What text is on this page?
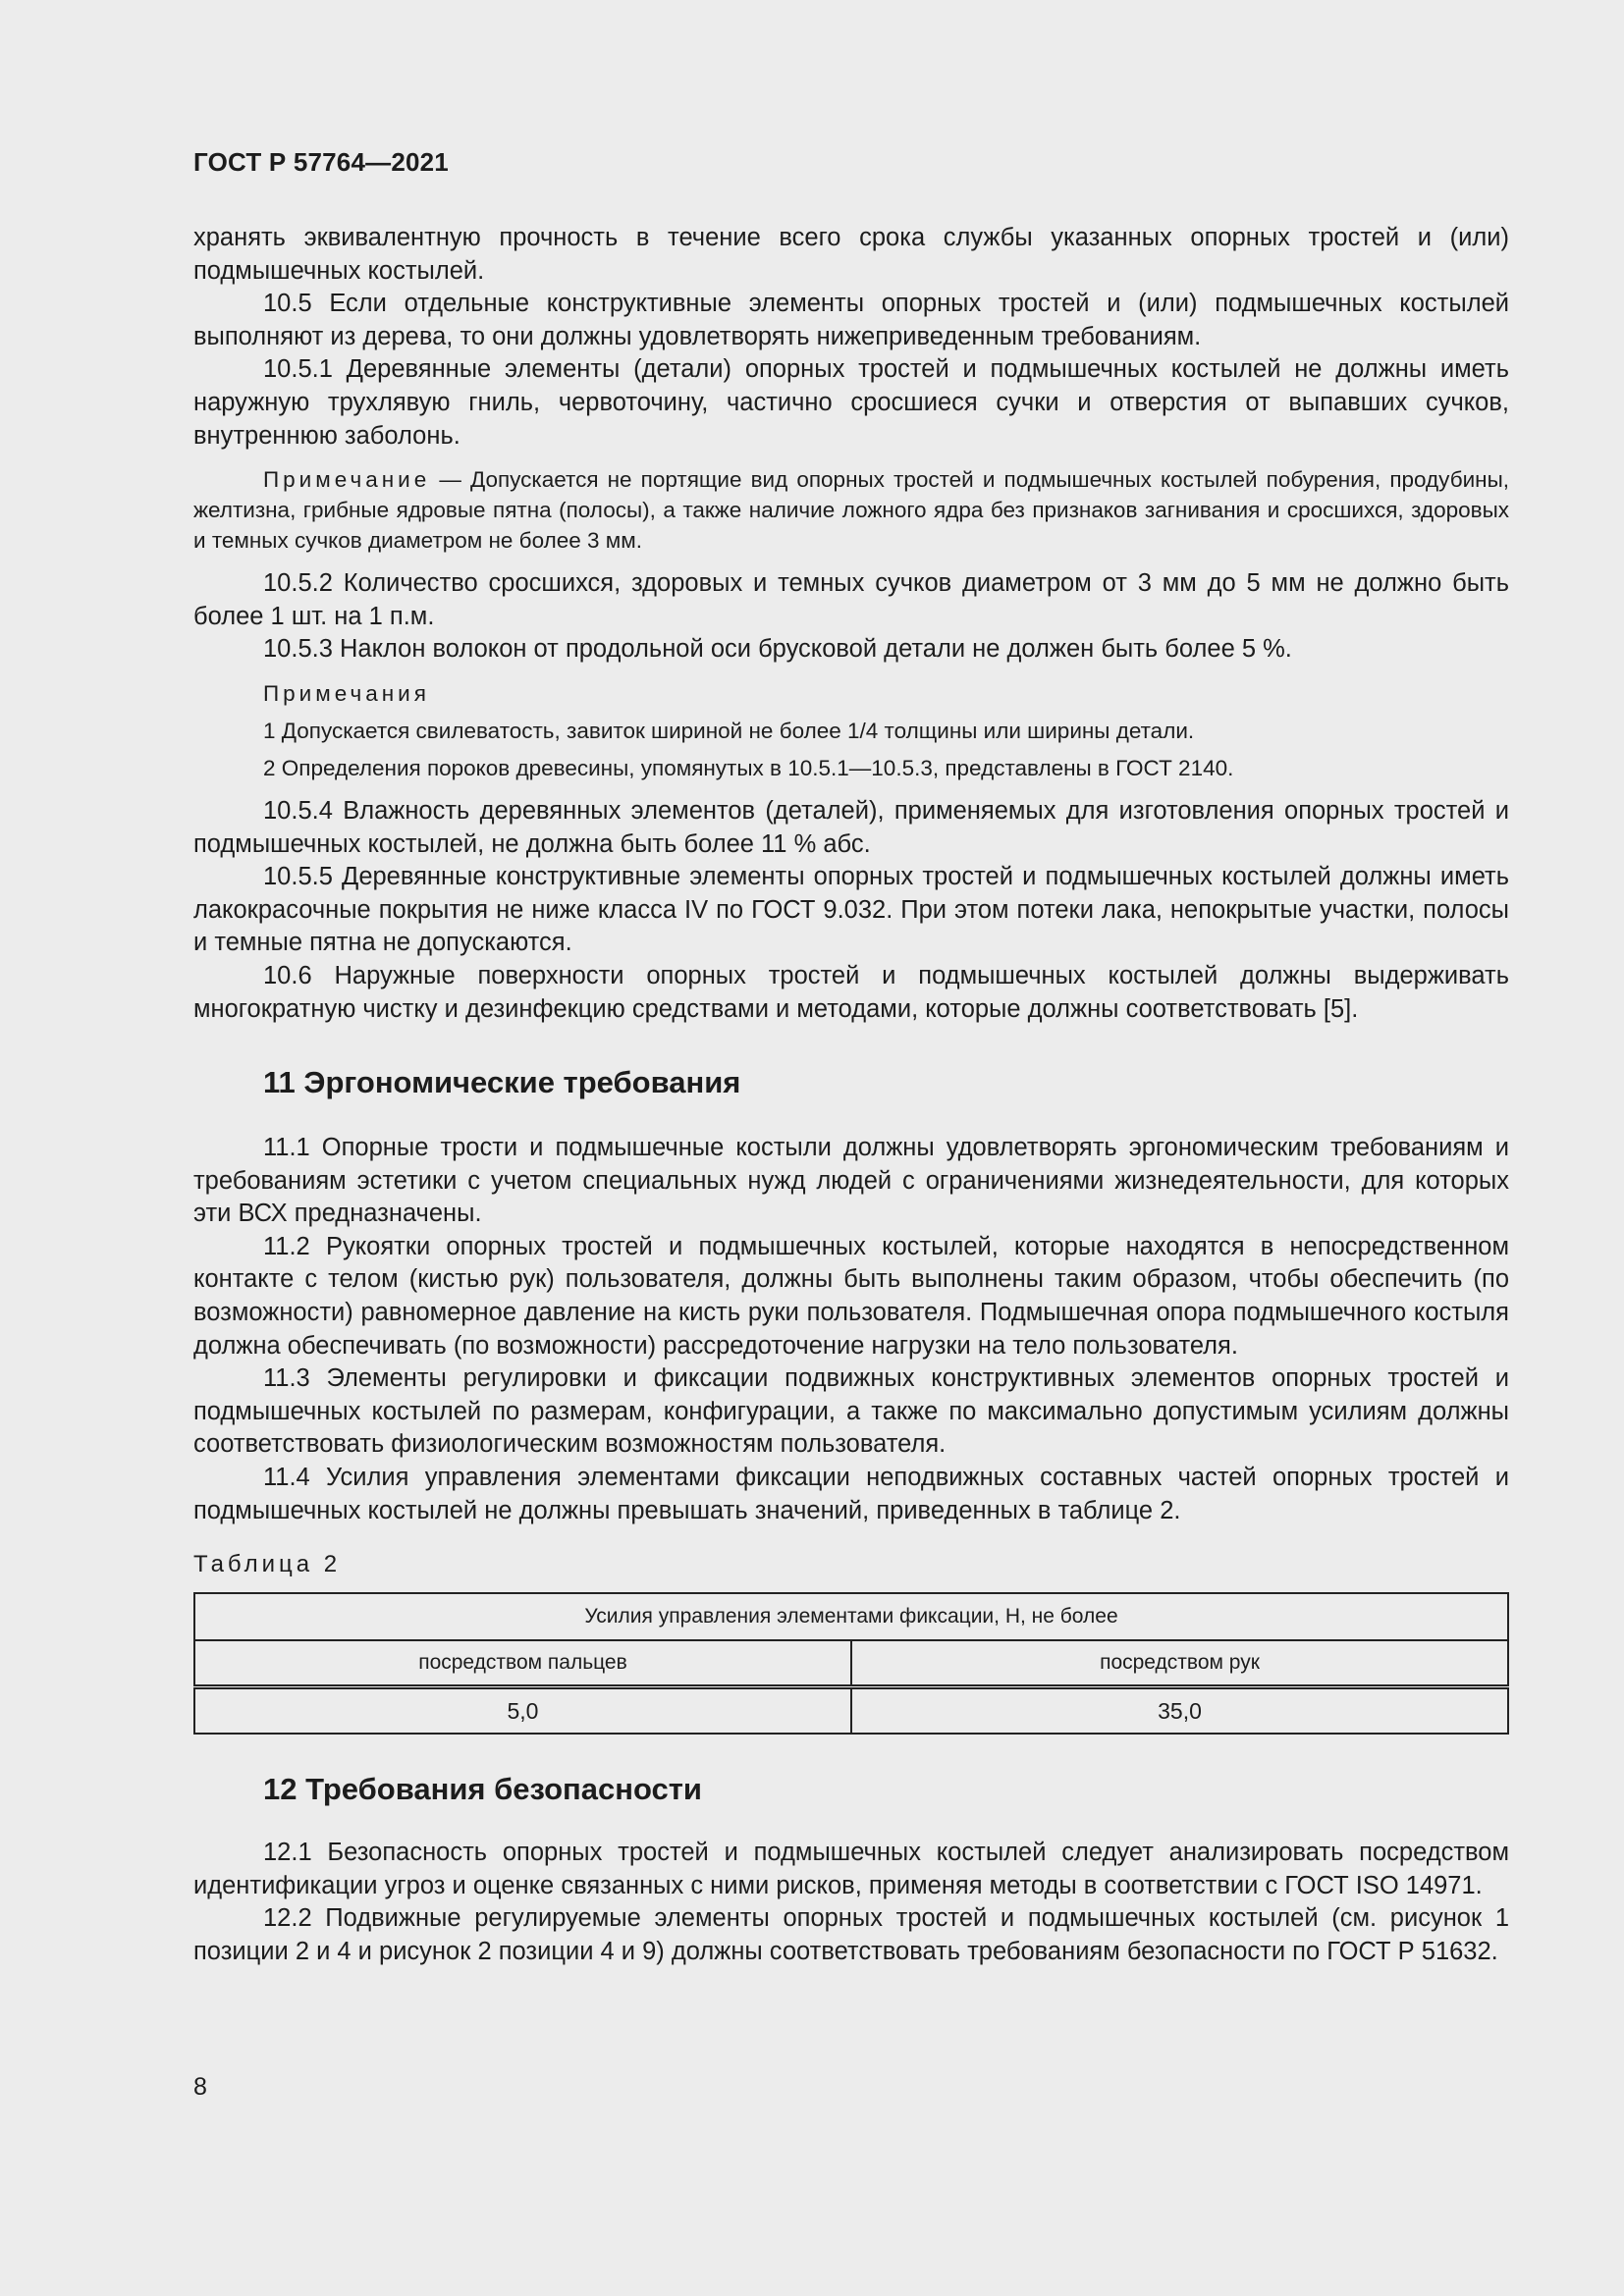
ГОСТ Р 57764—2021

хранять эквивалентную прочность в течение всего срока службы указанных опорных тростей и (или) подмышечных костылей.

10.5 Если отдельные конструктивные элементы опорных тростей и (или) подмышечных костылей выполняют из дерева, то они должны удовлетворять нижеприведенным требованиям.

10.5.1 Деревянные элементы (детали) опорных тростей и подмышечных костылей не должны иметь наружную трухлявую гниль, червоточину, частично сросшиеся сучки и отверстия от выпавших сучков, внутреннюю заболонь.

Примечание — Допускается не портящие вид опорных тростей и подмышечных костылей побурения, продубины, желтизна, грибные ядровые пятна (полосы), а также наличие ложного ядра без признаков загнивания и сросшихся, здоровых и темных сучков диаметром не более 3 мм.

10.5.2 Количество сросшихся, здоровых и темных сучков диаметром от 3 мм до 5 мм не должно быть более 1 шт. на 1 п.м.

10.5.3 Наклон волокон от продольной оси брусковой детали не должен быть более 5 %.

Примечания

1 Допускается свилеватость, завиток шириной не более 1/4 толщины или ширины детали.

2 Определения пороков древесины, упомянутых в 10.5.1—10.5.3, представлены в ГОСТ 2140.

10.5.4 Влажность деревянных элементов (деталей), применяемых для изготовления опорных тростей и подмышечных костылей, не должна быть более 11 % абс.

10.5.5 Деревянные конструктивные элементы опорных тростей и подмышечных костылей должны иметь лакокрасочные покрытия не ниже класса IV по ГОСТ 9.032. При этом потеки лака, непокрытые участки, полосы и темные пятна не допускаются.

10.6 Наружные поверхности опорных тростей и подмышечных костылей должны выдерживать многократную чистку и дезинфекцию средствами и методами, которые должны соответствовать [5].

11 Эргономические требования

11.1 Опорные трости и подмышечные костыли должны удовлетворять эргономическим требованиям и требованиям эстетики с учетом специальных нужд людей с ограничениями жизнедеятельности, для которых эти ВСХ предназначены.

11.2 Рукоятки опорных тростей и подмышечных костылей, которые находятся в непосредственном контакте с телом (кистью рук) пользователя, должны быть выполнены таким образом, чтобы обеспечить (по возможности) равномерное давление на кисть руки пользователя. Подмышечная опора подмышечного костыля должна обеспечивать (по возможности) рассредоточение нагрузки на тело пользователя.

11.3 Элементы регулировки и фиксации подвижных конструктивных элементов опорных тростей и подмышечных костылей по размерам, конфигурации, а также по максимально допустимым усилиям должны соответствовать физиологическим возможностям пользователя.

11.4 Усилия управления элементами фиксации неподвижных составных частей опорных тростей и подмышечных костылей не должны превышать значений, приведенных в таблице 2.

Таблица 2

Усилия управления элементами фиксации, Н, не более	
посредством пальцев	посредством рук
5,0	35,0
12 Требования безопасности

12.1 Безопасность опорных тростей и подмышечных костылей следует анализировать посредством идентификации угроз и оценке связанных с ними рисков, применяя методы в соответствии с ГОСТ ISO 14971.

12.2 Подвижные регулируемые элементы опорных тростей и подмышечных костылей (см. рисунок 1 позиции 2 и 4 и рисунок 2 позиции 4 и 9) должны соответствовать требованиям безопасности по ГОСТ Р 51632.

8
